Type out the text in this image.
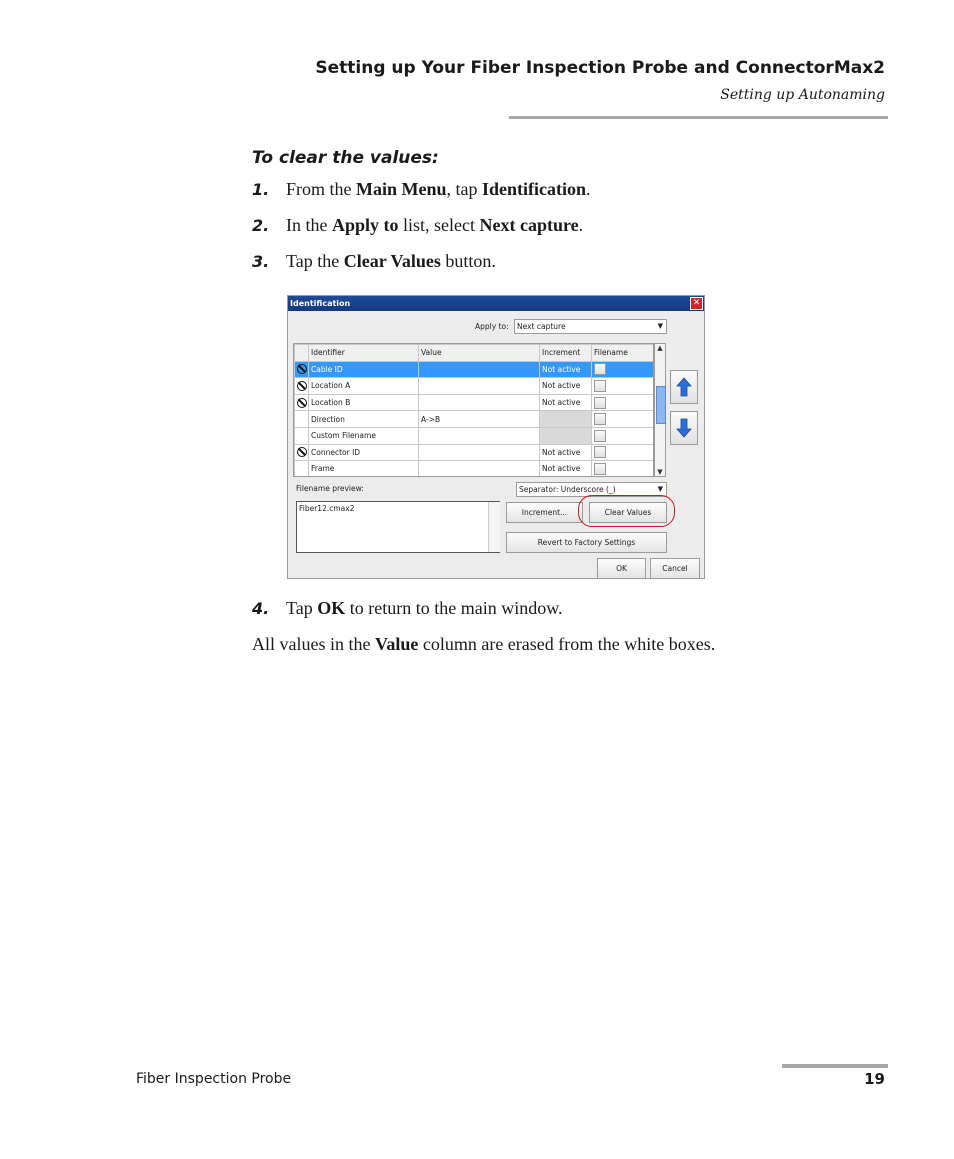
Setting up Your Fiber Inspection Probe and ConnectorMax2
Setting up Autonaming
To clear the values:
1. From the Main Menu, tap Identification.
2. In the Apply to list, select Next capture.
3. Tap the Clear Values button.
Identification	✕
Apply to:	Next capture	▼
	Identifier	Value	Increment	Filename
	Cable ID		Not active	
	Location A		Not active	
	Location B		Not active	
	Direction	A->B		
	Custom Filename			
	Connector ID		Not active	
	Frame		Not active	

▲
▼
Filename preview:	Separator: Underscore (_)	▼
Fiber12.cmax2	Increment...	Clear Values
Revert to Factory Settings
OK	Cancel
4. Tap OK to return to the main window.
All values in the Value column are erased from the white boxes.
Fiber Inspection Probe	19
